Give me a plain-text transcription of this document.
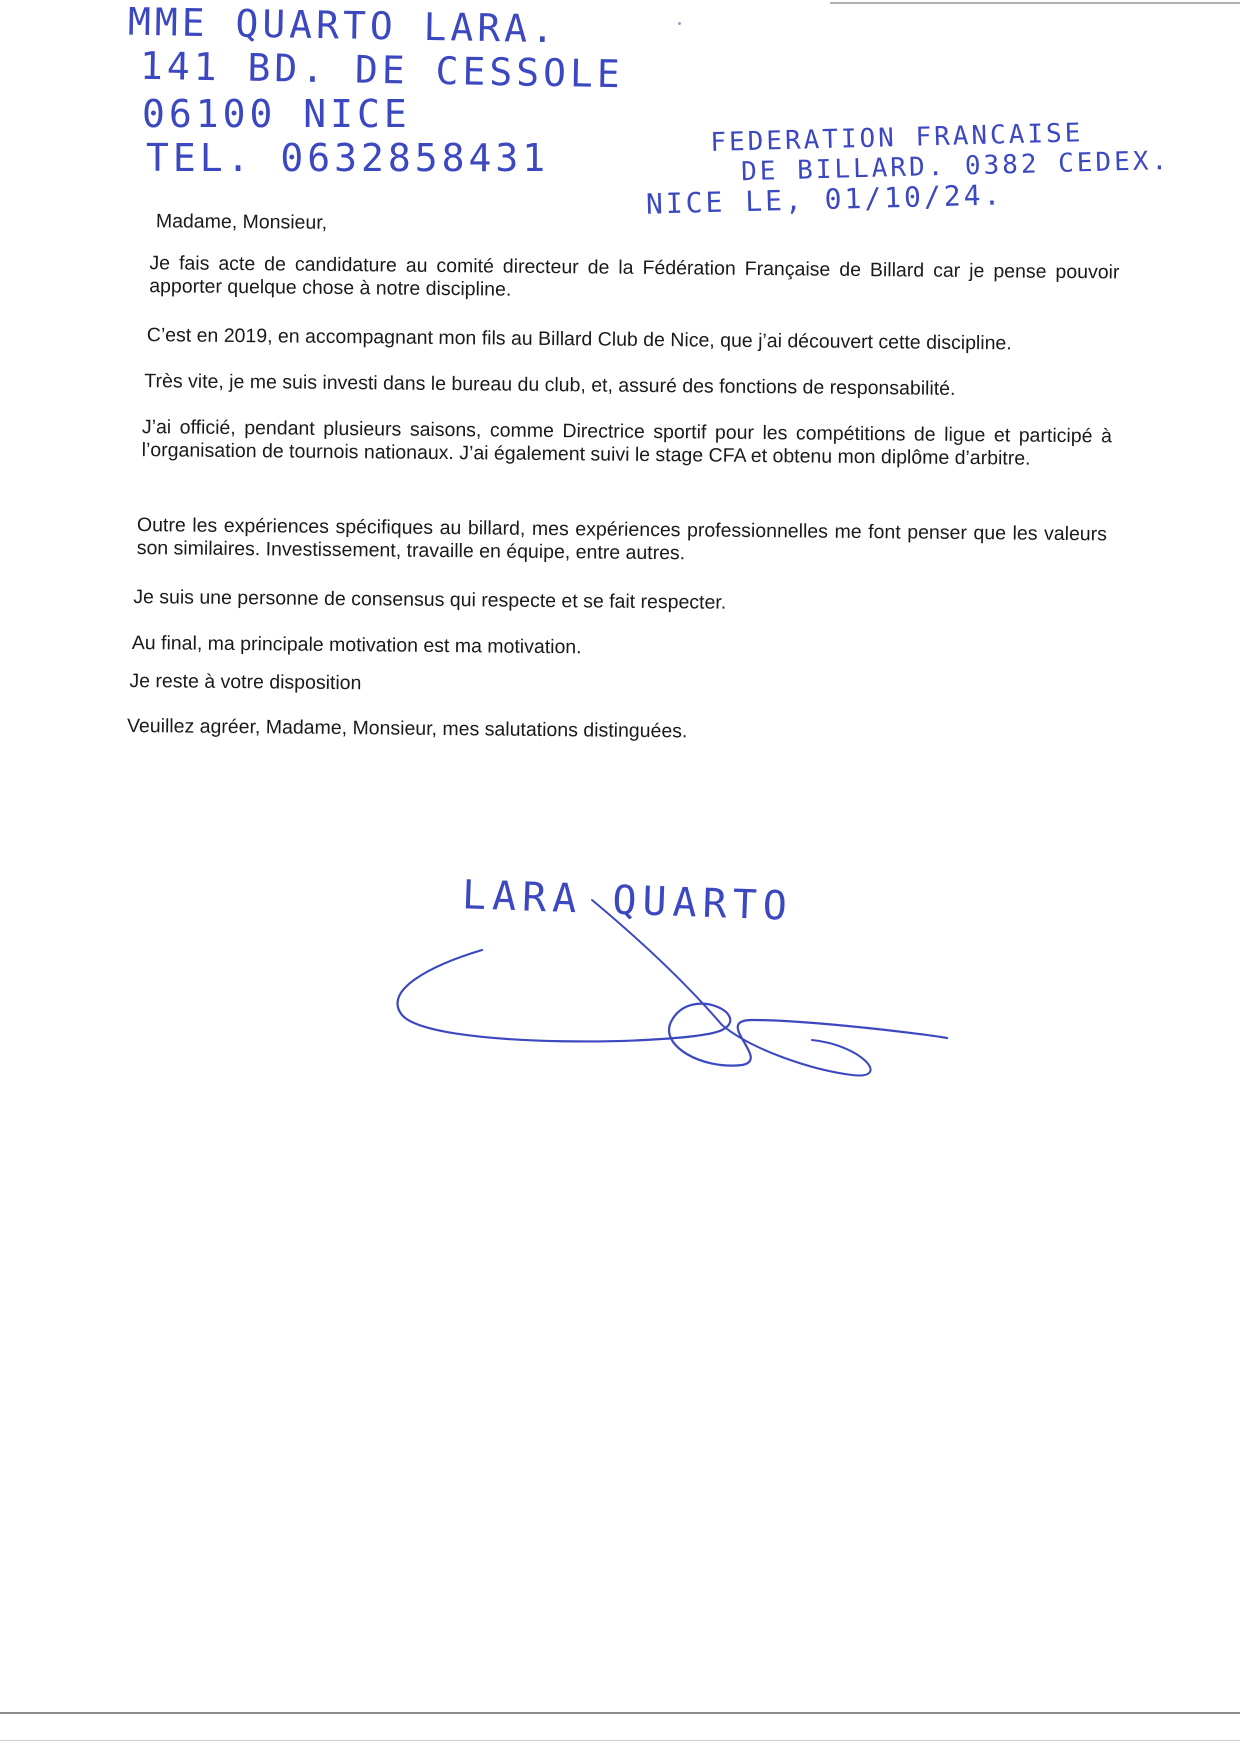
MME QUARTO LARA.
141 BD. DE CESSOLE
06100 NICE
TEL. 0632858431	FEDERATION FRANCAISE
DE BILLARD. 0382 CEDEX.
NICE LE, 01/10/24.

Madame, Monsieur,

Je fais acte de candidature au comité directeur de la Fédération Française de Billard car je pense pouvoir apporter quelque chose à notre discipline.

C’est en 2019, en accompagnant mon fils au Billard Club de Nice, que j’ai découvert cette discipline.

Très vite, je me suis investi dans le bureau du club, et, assuré des fonctions de responsabilité.

J’ai officié, pendant plusieurs saisons, comme Directrice sportif pour les compétitions de ligue et participé à l’organisation de tournois nationaux. J’ai également suivi le stage CFA et obtenu mon diplôme d’arbitre.

Outre les expériences spécifiques au billard, mes expériences professionnelles me font penser que les valeurs son similaires. Investissement, travaille en équipe, entre autres.

Je suis une personne de consensus qui respecte et se fait respecter.

Au final, ma principale motivation est ma motivation.

Je reste à votre disposition

Veuillez agréer, Madame, Monsieur, mes salutations distinguées.

LARA QUARTO
